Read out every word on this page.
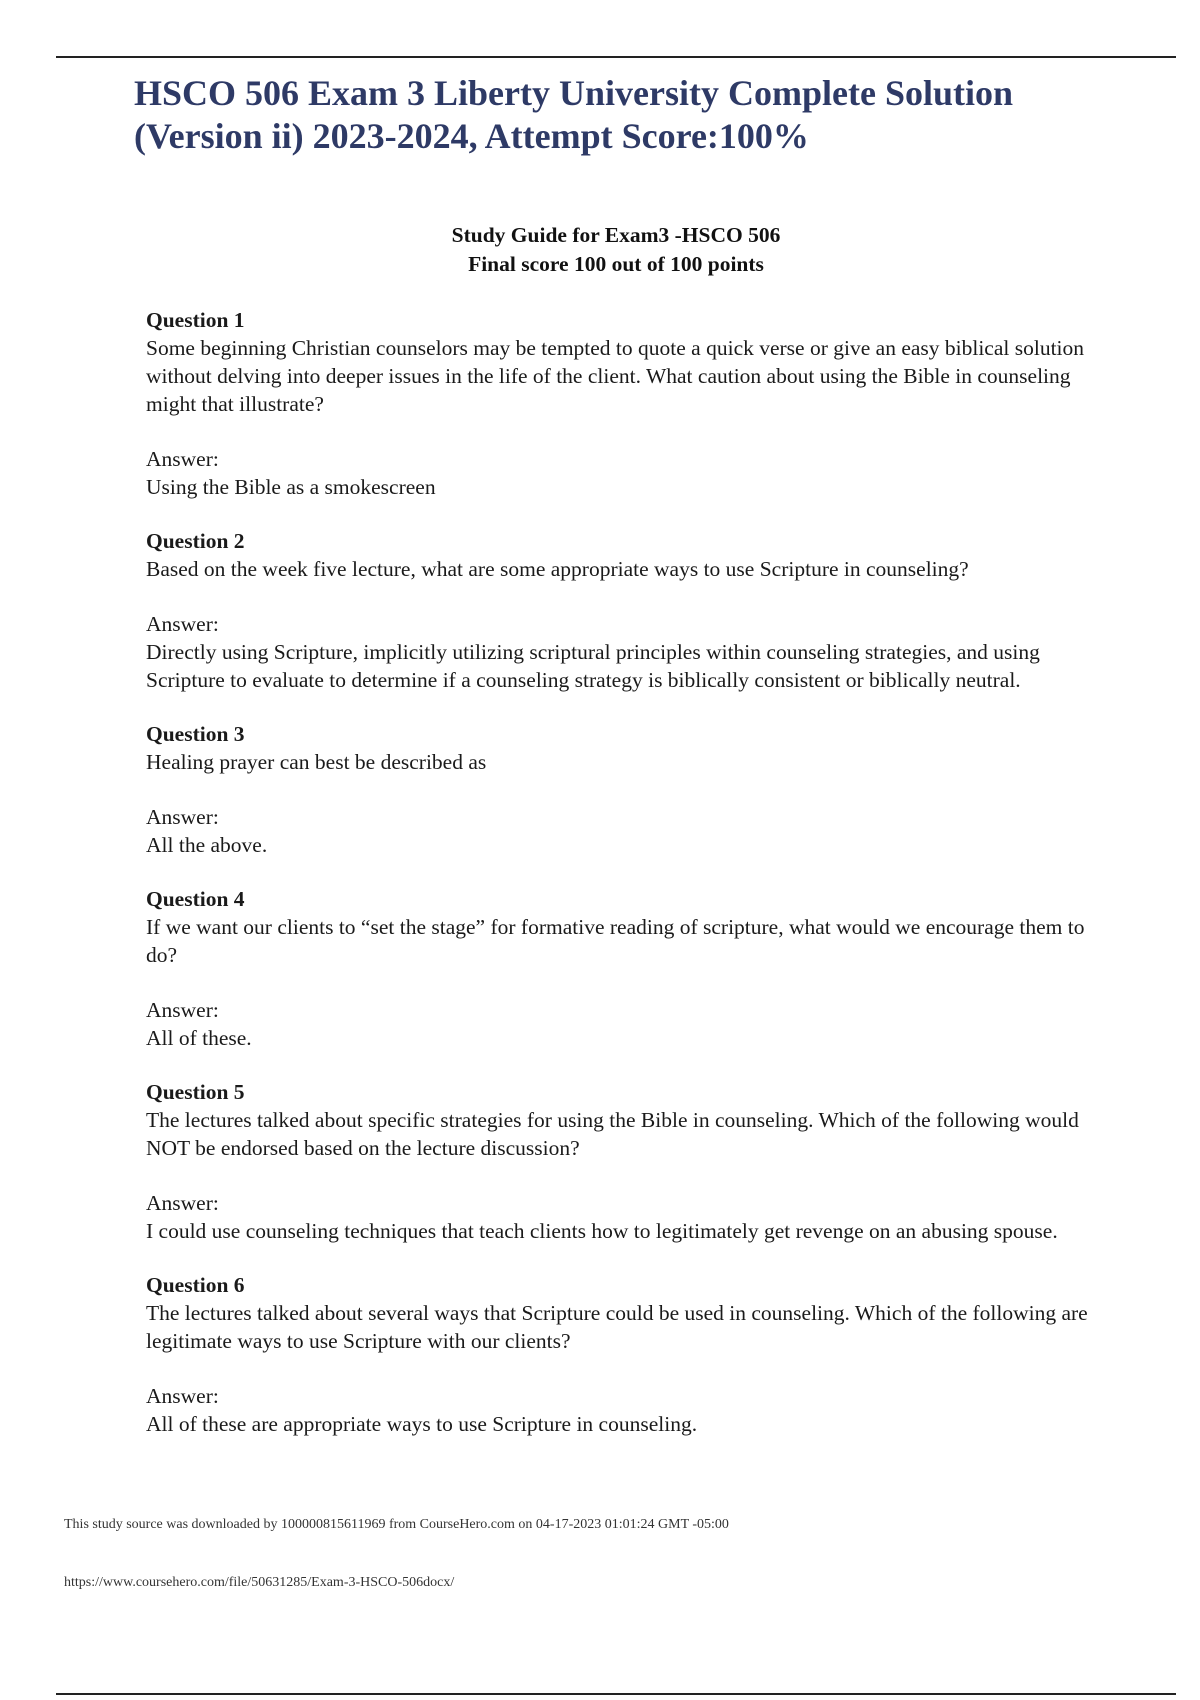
HSCO 506 Exam 3 Liberty University Complete Solution (Version ii) 2023-2024, Attempt Score:100%
Study Guide for Exam3 -HSCO 506
Final score 100 out of 100 points
Question 1
Some beginning Christian counselors may be tempted to quote a quick verse or give an easy biblical solution without delving into deeper issues in the life of the client. What caution about using the Bible in counseling might that illustrate?
Answer:
Using the Bible as a smokescreen
Question 2
Based on the week five lecture, what are some appropriate ways to use Scripture in counseling?
Answer:
Directly using Scripture, implicitly utilizing scriptural principles within counseling strategies, and using Scripture to evaluate to determine if a counseling strategy is biblically consistent or biblically neutral.
Question 3
Healing prayer can best be described as
Answer:
All the above.
Question 4
If we want our clients to “set the stage” for formative reading of scripture, what would we encourage them to do?
Answer:
All of these.
Question 5
The lectures talked about specific strategies for using the Bible in counseling. Which of the following would NOT be endorsed based on the lecture discussion?
Answer:
I could use counseling techniques that teach clients how to legitimately get revenge on an abusing spouse.
Question 6
The lectures talked about several ways that Scripture could be used in counseling. Which of the following are legitimate ways to use Scripture with our clients?
Answer:
All of these are appropriate ways to use Scripture in counseling.
This study source was downloaded by 100000815611969 from CourseHero.com on 04-17-2023 01:01:24 GMT -05:00
https://www.coursehero.com/file/50631285/Exam-3-HSCO-506docx/
